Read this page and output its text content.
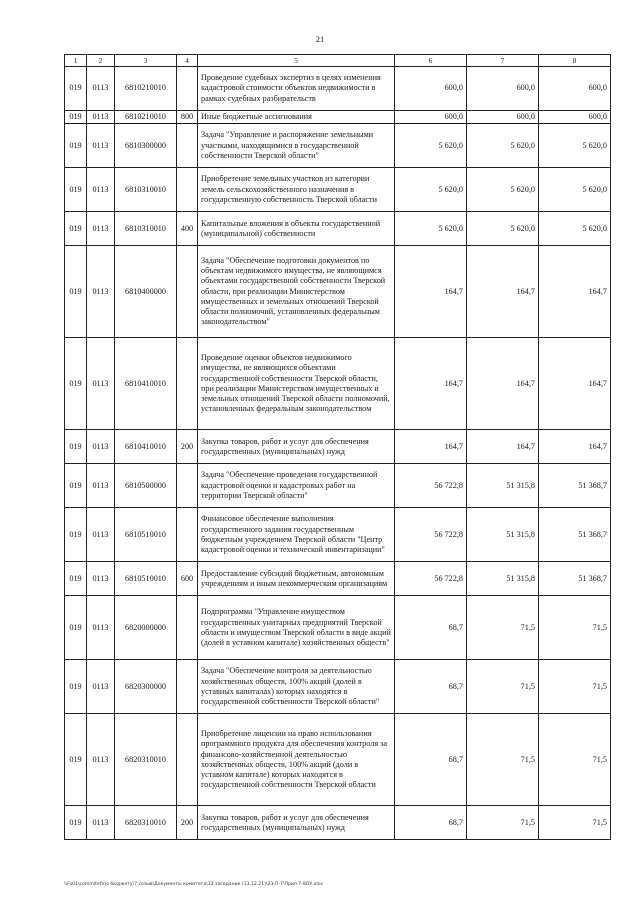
21
1	2	3	4	5	6	7	8
019	0113	6810210010		Проведение судебных экспертиз в целях изменения кадастровой стоимости объектов недвижимости в рамках судебных разбирательств	600,0	600,0	600,0
019	0113	6810210010	800	Иные бюджетные ассигнования	600,0	600,0	600,0
019	0113	6810300000		Задача "Управление и распоряжение земельными участками, находящимися в государственной собственности Тверской области"	5 620,0	5 620,0	5 620,0
019	0113	6810310010		Приобретение земельных участков из категории земель сельскохозяйственного назначения в государственную собственность Тверской области	5 620,0	5 620,0	5 620,0
019	0113	6810310010	400	Капитальные вложения в объекты государственной (муниципальной) собственности	5 620,0	5 620,0	5 620,0
019	0113	6810400000		Задача "Обеспечение подготовки документов по объектам недвижимого имущества, не являющимся объектами государственной собственности Тверской области, при реализации Министерством имущественных и земельных отношений Тверской области полномочий, установленных федеральным законодательством"	164,7	164,7	164,7
019	0113	6810410010		Проведение оценки объектов недвижимого имущества, не являющихся объектами государственной собственности Тверской области, при реализации Министерством имущественных и земельных отношений Тверской области полномочий, установленных федеральным законодательством	164,7	164,7	164,7
019	0113	6810410010	200	Закупка товаров, работ и услуг для обеспечения государственных (муниципальных) нужд	164,7	164,7	164,7
019	0113	6810500000		Задача "Обеспечение проведения государственной кадастровой оценки и кадастровых работ на территории Тверской области"	56 722,8	51 315,8	51 368,7
019	0113	6810510010		Финансовое обеспечение выполнения государственного задания государственным бюджетным учреждением Тверской области "Центр кадастровой оценки и технической инвентаризации"	56 722,8	51 315,8	51 368,7
019	0113	6810510010	600	Предоставление субсидий бюджетным, автономным учреждениям и иным некоммерческим организациям	56 722,8	51 315,8	51 368,7
019	0113	6820000000		Подпрограмма "Управление имуществом государственных унитарных предприятий Тверской области и имуществом Тверской области в виде акций (долей в уставном капитале) хозяйственных обществ"	68,7	71,5	71,5
019	0113	6820300000		Задача "Обеспечение контроля за деятельностью хозяйственных обществ, 100% акций (долей в уставных капиталах) которых находятся в государственной собственности Тверской области"	68,7	71,5	71,5
019	0113	6820310010		Приобретение лицензии на право использования программного продукта для обеспечения контроля за финансово-хозяйственной деятельностью хозяйственных обществ, 100% акций (доли в уставном капитале) которых находятся в государственной собственности Тверской области	68,7	71,5	71,5
019	0113	6820310010	200	Закупка товаров, работ и услуг для обеспечения государственных (муниципальных) нужд	68,7	71,5	71,5
\\Fs01\commitet\по бюджету\7 созыв\Документы комитета\33 заседание (13.12.21)\23-П-7\Прил 7-8ОУ.xlsx
